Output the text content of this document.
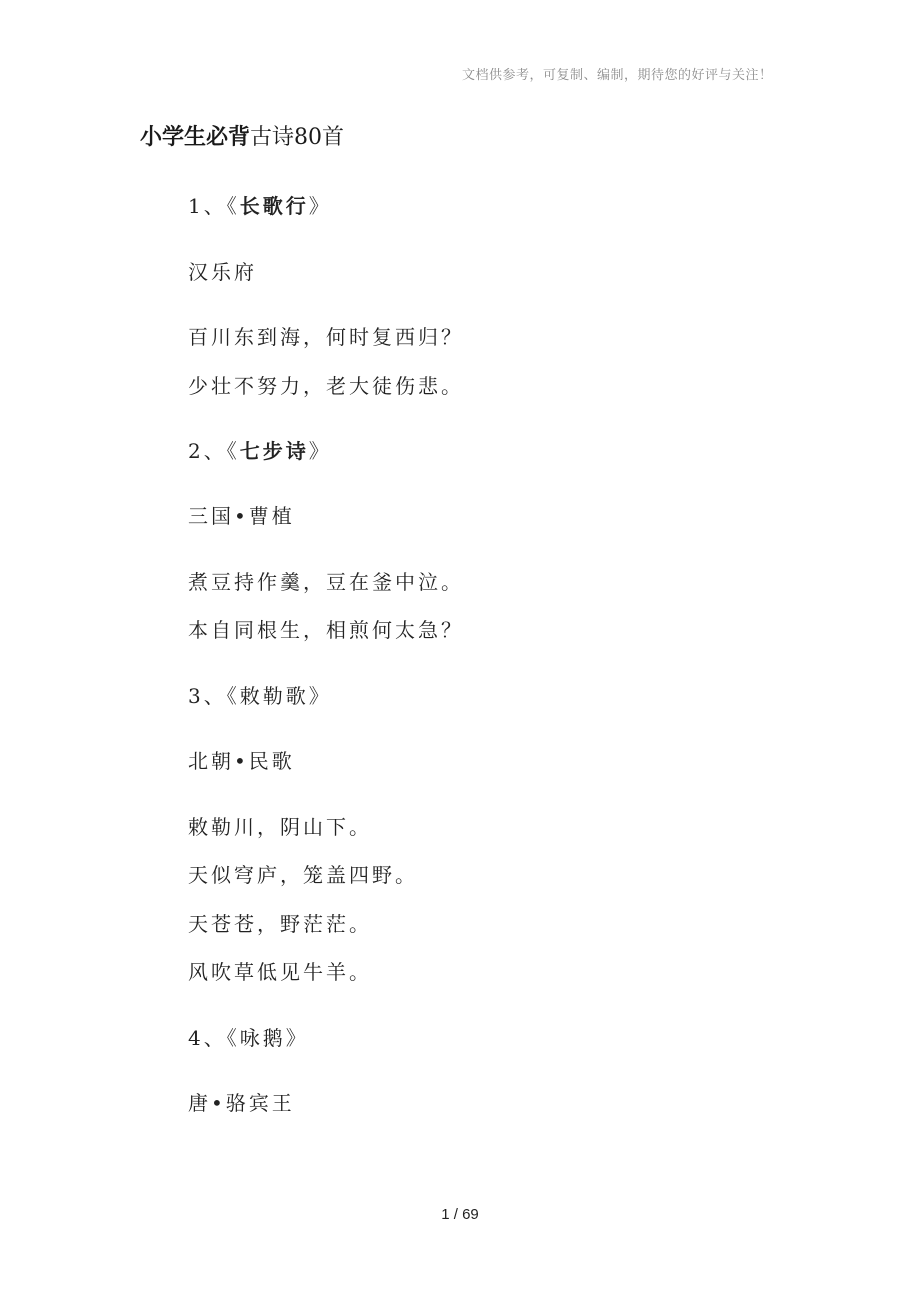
文档供参考，可复制、编制，期待您的好评与关注！
小学生必背古诗80首
1、《长歌行》
汉乐府
百川东到海，何时复西归？
少壮不努力，老大徒伤悲。
2、《七步诗》
三国•曹植
煮豆持作羹，豆在釜中泣。
本自同根生，相煎何太急？
3、《敕勒歌》
北朝•民歌
敕勒川，阴山下。
天似穹庐，笼盖四野。
天苍苍，野茫茫。
风吹草低见牛羊。
4、《咏鹅》
唐•骆宾王
1 / 69
